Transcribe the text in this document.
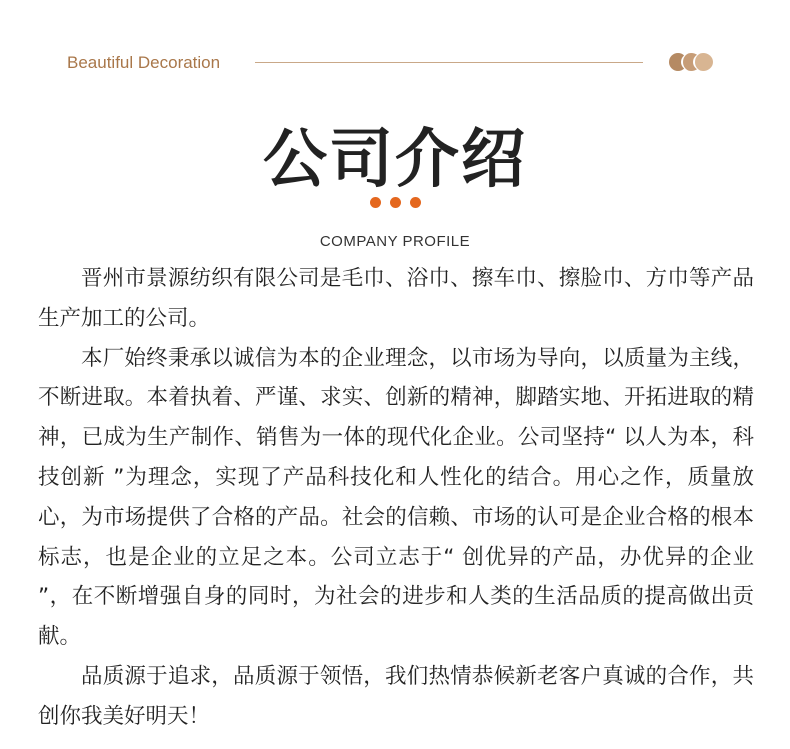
Beautiful Decoration
公司介绍
COMPANY PROFILE

晋州市景源纺织有限公司是毛巾、浴巾、擦车巾、擦脸巾、方巾等产品生产加工的公司。

本厂始终秉承以诚信为本的企业理念，以市场为导向，以质量为主线，不断进取。本着执着、严谨、求实、创新的精神，脚踏实地、开拓进取的精神，已成为生产制作、销售为一体的现代化企业。公司坚持“ 以人为本，科技创新 ”为理念，实现了产品科技化和人性化的结合。用心之作，质量放心，为市场提供了合格的产品。社会的信赖、市场的认可是企业合格的根本标志，也是企业的立足之本。公司立志于“ 创优异的产品，办优异的企业 ”，在不断增强自身的同时，为社会的进步和人类的生活品质的提高做出贡献。

品质源于追求，品质源于领悟，我们热情恭候新老客户真诚的合作，共创你我美好明天！
